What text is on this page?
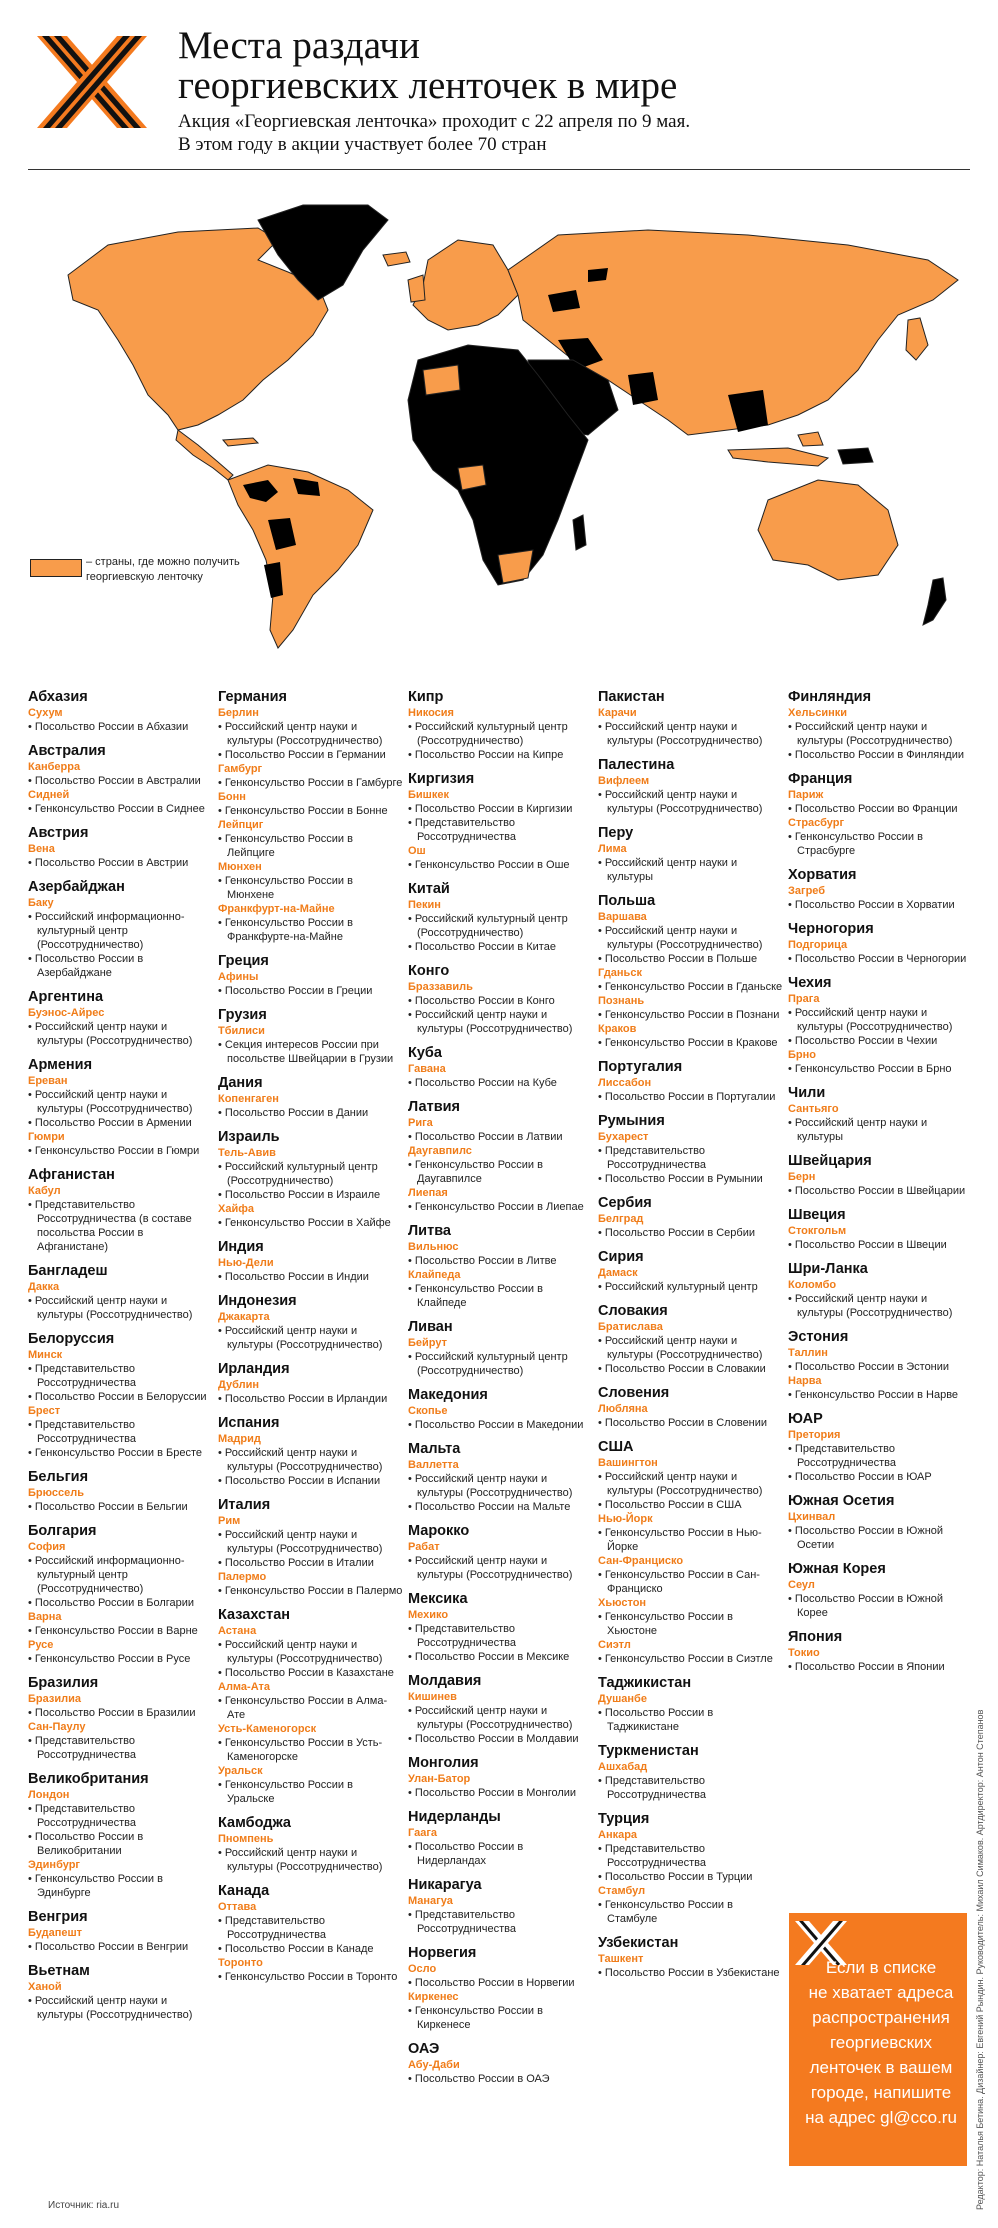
Места раздачи
георгиевских ленточек в мире
Акция «Георгиевская ленточка» проходит с 22 апреля по 9 мая.
В этом году в акции участвует более 70 стран
– страны, где можно получить георгиевскую ленточку
Абхазия
Сухум
• Посольство России в Абхазии
Австралия
Канберра
• Посольство России в Австралии
Сидней
• Генконсульство России в Сиднее
Австрия
Вена
• Посольство России в Австрии
Азербайджан
Баку
• Российский информационно-культурный центр (Россотрудничество)
• Посольство России в Азербайджане
Аргентина
Буэнос-Айрес
• Российский центр науки и культуры (Россотрудничество)
Армения
Ереван
• Российский центр науки и культуры (Россотрудничество)
• Посольство России в Армении
Гюмри
• Генконсульство России в Гюмри
Афганистан
Кабул
• Представительство Россотрудничества (в составе посольства России в Афганистане)
Бангладеш
Дакка
• Российский центр науки и культуры (Россотрудничество)
Белоруссия
Минск
• Представительство Россотрудничества
• Посольство России в Белоруссии
Брест
• Представительство Россотрудничества
• Генконсульство России в Бресте
Бельгия
Брюссель
• Посольство России в Бельгии
Болгария
София
• Российский информационно-культурный центр (Россотрудничество)
• Посольство России в Болгарии
Варна
• Генконсульство России в Варне
Русе
• Генконсульство России в Русе
Бразилия
Бразилиа
• Посольство России в Бразилии
Сан-Паулу
• Представительство Россотрудничества
Великобритания
Лондон
• Представительство Россотрудничества
• Посольство России в Великобритании
Эдинбург
• Генконсульство России в Эдинбурге
Венгрия
Будапешт
• Посольство России в Венгрии
Вьетнам
Ханой
• Российский центр науки и культуры (Россотрудничество)
Германия
Берлин
• Российский центр науки и культуры (Россотрудничество)
• Посольство России в Германии
Гамбург
• Генконсульство России в Гамбурге
Бонн
• Генконсульство России в Бонне
Лейпциг
• Генконсульство России в Лейпциге
Мюнхен
• Генконсульство России в Мюнхене
Франкфурт-на-Майне
• Генконсульство России в Франкфурте-на-Майне
Греция
Афины
• Посольство России в Греции
Грузия
Тбилиси
• Секция интересов России при посольстве Швейцарии в Грузии
Дания
Копенгаген
• Посольство России в Дании
Израиль
Тель-Авив
• Российский культурный центр (Россотрудничество)
• Посольство России в Израиле
Хайфа
• Генконсульство России в Хайфе
Индия
Нью-Дели
• Посольство России в Индии
Индонезия
Джакарта
• Российский центр науки и культуры (Россотрудничество)
Ирландия
Дублин
• Посольство России в Ирландии
Испания
Мадрид
• Российский центр науки и культуры (Россотрудничество)
• Посольство России в Испании
Италия
Рим
• Российский центр науки и культуры (Россотрудничество)
• Посольство России в Италии
Палермо
• Генконсульство России в Палермо
Казахстан
Астана
• Российский центр науки и культуры (Россотрудничество)
• Посольство России в Казахстане
Алма-Ата
• Генконсульство России в Алма-Ате
Усть-Каменогорск
• Генконсульство России в Усть-Каменогорске
Уральск
• Генконсульство России в Уральске
Камбоджа
Пномпень
• Российский центр науки и культуры (Россотрудничество)
Канада
Оттава
• Представительство Россотрудничества
• Посольство России в Канаде
Торонто
• Генконсульство России в Торонто
Кипр
Никосия
• Российский культурный центр (Россотрудничество)
• Посольство России на Кипре
Киргизия
Бишкек
• Посольство России в Киргизии
• Представительство Россотрудничества
Ош
• Генконсульство России в Оше
Китай
Пекин
• Российский культурный центр (Россотрудничество)
• Посольство России в Китае
Конго
Браззавиль
• Посольство России в Конго
• Российский центр науки и культуры (Россотрудничество)
Куба
Гавана
• Посольство России на Кубе
Латвия
Рига
• Посольство России в Латвии
Даугавпилс
• Генконсульство России в Даугавпилсе
Лиепая
• Генконсульство России в Лиепае
Литва
Вильнюс
• Посольство России в Литве
Клайпеда
• Генконсульство России в Клайпеде
Ливан
Бейрут
• Российский культурный центр (Россотрудничество)
Македония
Скопье
• Посольство России в Македонии
Мальта
Валлетта
• Российский центр науки и культуры (Россотрудничество)
• Посольство России на Мальте
Марокко
Рабат
• Российский центр науки и культуры (Россотрудничество)
Мексика
Мехико
• Представительство Россотрудничества
• Посольство России в Мексике
Молдавия
Кишинев
• Российский центр науки и культуры (Россотрудничество)
• Посольство России в Молдавии
Монголия
Улан-Батор
• Посольство России в Монголии
Нидерланды
Гаага
• Посольство России в Нидерландах
Никарагуа
Манагуа
• Представительство Россотрудничества
Норвегия
Осло
• Посольство России в Норвегии
Киркенес
• Генконсульство России в Киркенесе
ОАЭ
Абу-Даби
• Посольство России в ОАЭ
Пакистан
Карачи
• Российский центр науки и культуры (Россотрудничество)
Палестина
Вифлеем
• Российский центр науки и культуры (Россотрудничество)
Перу
Лима
• Российский центр науки и культуры
Польша
Варшава
• Российский центр науки и культуры (Россотрудничество)
• Посольство России в Польше
Гданьск
• Генконсульство России в Гданьске
Познань
• Генконсульство России в Познани
Краков
• Генконсульство России в Кракове
Португалия
Лиссабон
• Посольство России в Португалии
Румыния
Бухарест
• Представительство Россотрудничества
• Посольство России в Румынии
Сербия
Белград
• Посольство России в Сербии
Сирия
Дамаск
• Российский культурный центр
Словакия
Братислава
• Российский центр науки и культуры (Россотрудничество)
• Посольство России в Словакии
Словения
Любляна
• Посольство России в Словении
США
Вашингтон
• Российский центр науки и культуры (Россотрудничество)
• Посольство России в США
Нью-Йорк
• Генконсульство России в Нью-Йорке
Сан-Франциско
• Генконсульство России в Сан-Франциско
Хьюстон
• Генконсульство России в Хьюстоне
Сиэтл
• Генконсульство России в Сиэтле
Таджикистан
Душанбе
• Посольство России в Таджикистане
Туркменистан
Ашхабад
• Представительство Россотрудничества
Турция
Анкара
• Представительство Россотрудничества
• Посольство России в Турции
Стамбул
• Генконсульство России в Стамбуле
Узбекистан
Ташкент
• Посольство России в Узбекистане
Финляндия
Хельсинки
• Российский центр науки и культуры (Россотрудничество)
• Посольство России в Финляндии
Франция
Париж
• Посольство России во Франции
Страсбург
• Генконсульство России в Страсбурге
Хорватия
Загреб
• Посольство России в Хорватии
Черногория
Подгорица
• Посольство России в Черногории
Чехия
Прага
• Российский центр науки и культуры (Россотрудничество)
• Посольство России в Чехии
Брно
• Генконсульство России в Брно
Чили
Сантьяго
• Российский центр науки и культуры
Швейцария
Берн
• Посольство России в Швейцарии
Швеция
Стокгольм
• Посольство России в Швеции
Шри-Ланка
Коломбо
• Российский центр науки и культуры (Россотрудничество)
Эстония
Таллин
• Посольство России в Эстонии
Нарва
• Генконсульство России в Нарве
ЮАР
Претория
• Представительство Россотрудничества
• Посольство России в ЮАР
Южная Осетия
Цхинвал
• Посольство России в Южной Осетии
Южная Корея
Сеул
• Посольство России в Южной Корее
Япония
Токио
• Посольство России в Японии
Если в списке
не хватает адреса
распространения
георгиевских
ленточек в вашем
городе, напишите
на адрес gl@cco.ru	Редактор: Наталья Бетина. Дизайнер: Евгений Рындин. Руководитель: Михаил Симаков. Артдиректор: Антон Степанов
Источник: ria.ru
